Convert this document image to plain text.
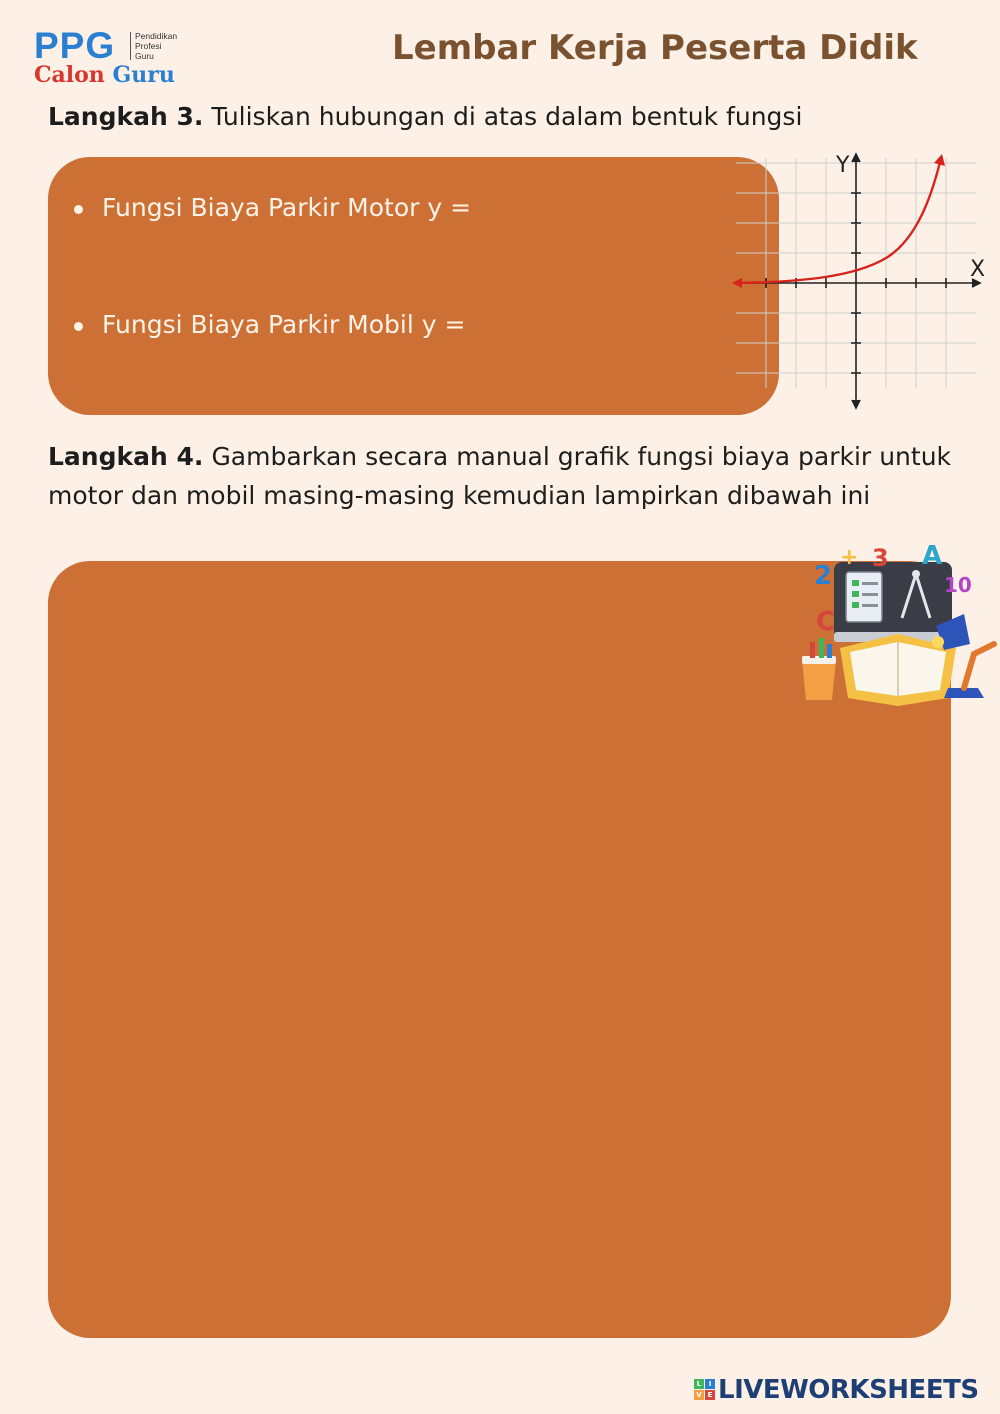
PPG Pendidikan
Profesi
Guru
Calon Guru
Lembar Kerja Peserta Didik
Langkah 3. Tuliskan hubungan di atas dalam bentuk fungsi
Fungsi Biaya Parkir Motor y =
Fungsi Biaya Parkir Mobil y =
Y
X
Langkah 4. Gambarkan secara manual grafik fungsi biaya parkir untuk motor dan mobil masing-masing kemudian lampirkan dibawah ini
2
+ 3 A
10
C
L	I
V E LIVEWORKSHEETS
